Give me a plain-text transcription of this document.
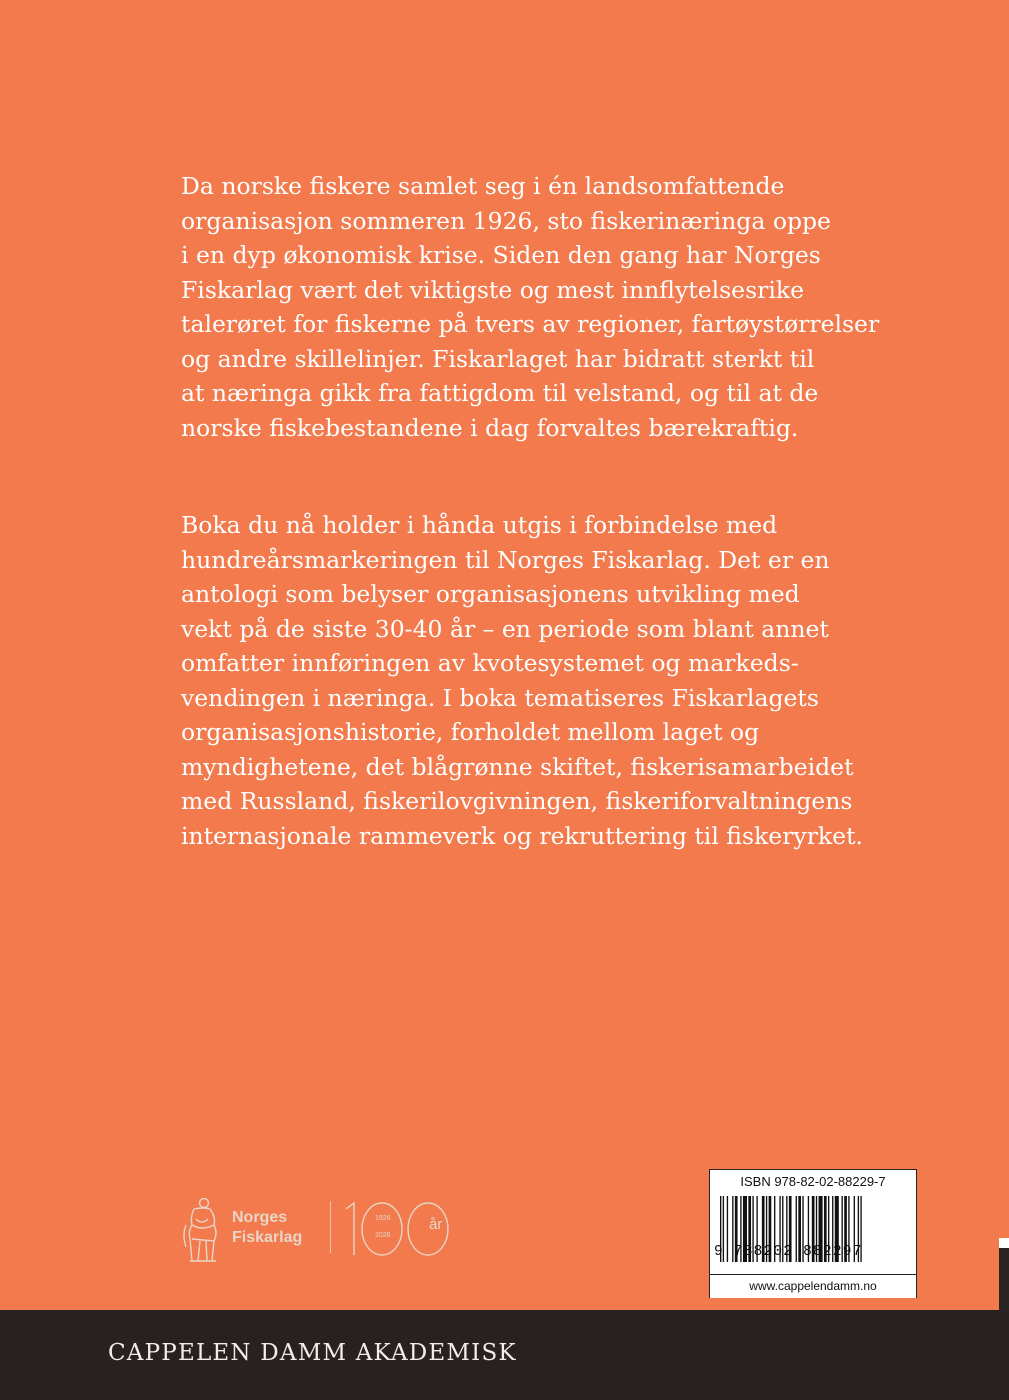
Da norske fiskere samlet seg i én landsomfattende
organisasjon sommeren 1926, sto fiskerinæringa oppe
i en dyp økonomisk krise. Siden den gang har Norges
Fiskarlag vært det viktigste og mest innflytelsesrike
talerøret for fiskerne på tvers av regioner, fartøystørrelser
og andre skillelinjer. Fiskarlaget har bidratt sterkt til
at næringa gikk fra fattigdom til velstand, og til at de
norske fiskebestandene i dag forvaltes bærekraftig.
Boka du nå holder i hånda utgis i forbindelse med
hundreårsmarkeringen til Norges Fiskarlag. Det er en
antologi som belyser organisasjonens utvikling med
vekt på de siste 30-40 år – en periode som blant annet
omfatter innføringen av kvotesystemet og markeds-
vendingen i næringa. I boka tematiseres Fiskarlagets
organisasjonshistorie, forholdet mellom laget og
myndighetene, det blågrønne skiftet, fiskerisamarbeidet
med Russland, fiskerilovgivningen, fiskeriforvaltningens
internasjonale rammeverk og rekruttering til fiskeryrket.
Norges
Fiskarlag
1926
2026
år
ISBN 978-82-02-88229-7
9 788202 882297
www.cappelendamm.no
CAPPELEN DAMM AKADEMISK
